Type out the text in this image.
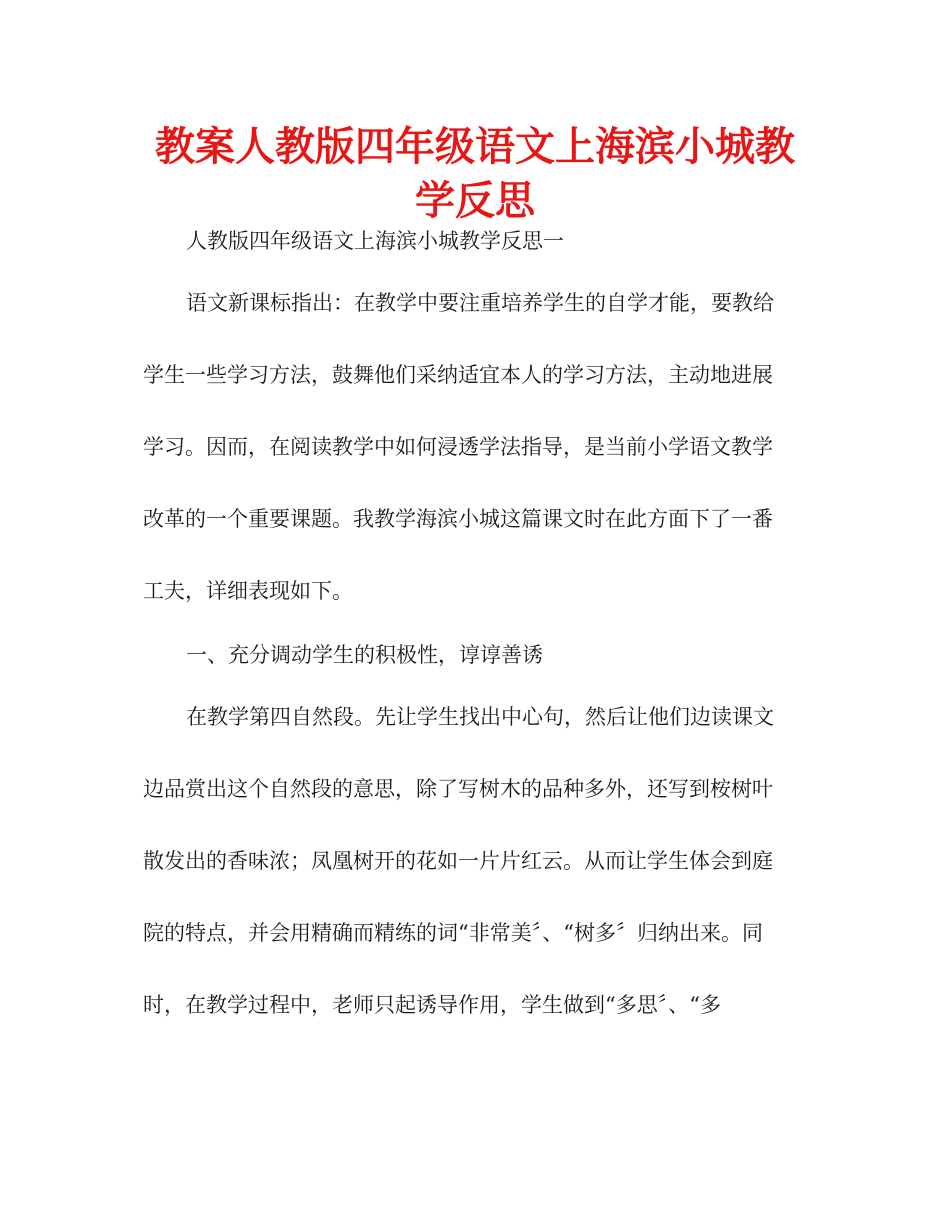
教案人教版四年级语文上海滨小城教学反思

人教版四年级语文上海滨小城教学反思一

语文新课标指出：在教学中要注重培养学生的自学才能，要教给

学生一些学习方法，鼓舞他们采纳适宜本人的学习方法，主动地进展

学习。因而，在阅读教学中如何浸透学法指导，是当前小学语文教学

改革的一个重要课题。我教学海滨小城这篇课文时在此方面下了一番

工夫，详细表现如下。

一、充分调动学生的积极性，谆谆善诱

在教学第四自然段。先让学生找出中心句，然后让他们边读课文

边品赏出这个自然段的意思，除了写树木的品种多外，还写到桉树叶

散发出的香味浓；凤凰树开的花如一片片红云。从而让学生体会到庭

院的特点，并会用精确而精练的词“非常美〞、“树多〞归纳出来。同

时，在教学过程中，老师只起诱导作用，学生做到“多思〞、“多
